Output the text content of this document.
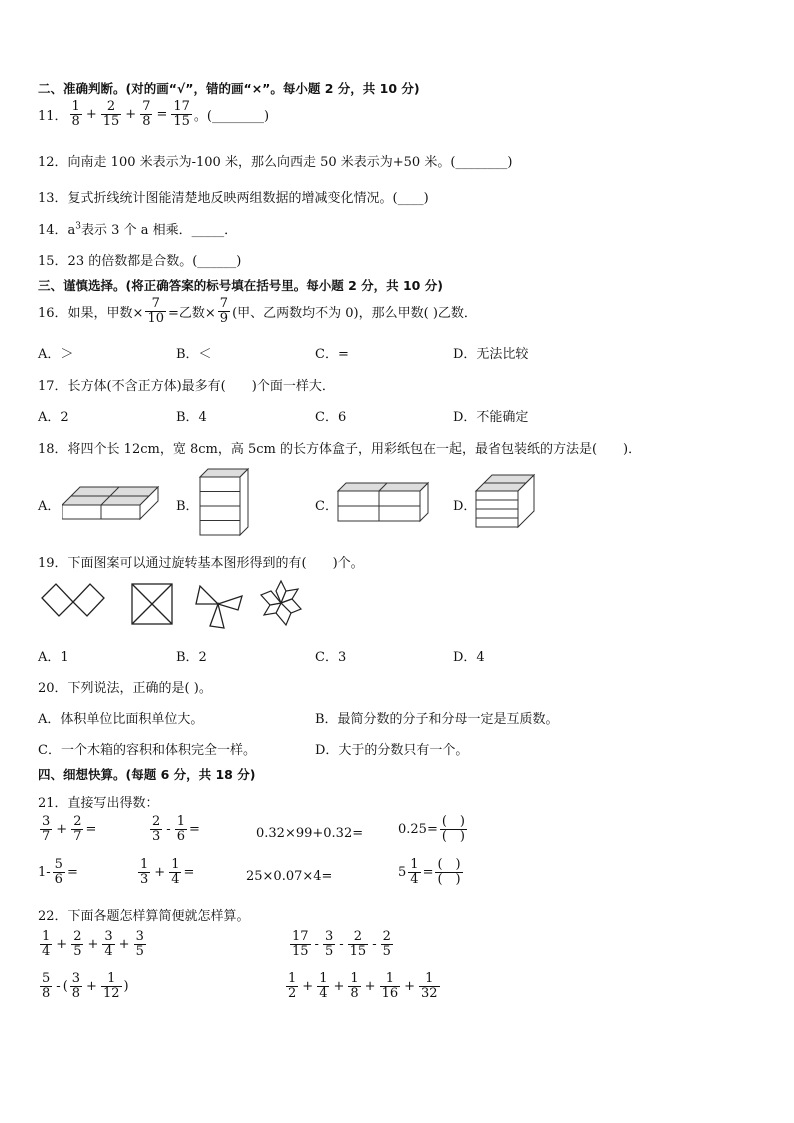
二、准确判断。(对的画“√”，错的画“×”。每小题 2 分，共 10 分)
11． $\frac{1}{8} + \frac{2}{15} + \frac{7}{8} = \frac{17}{15}$ 。(________)
12．向南走 100 米表示为-100 米，那么向西走 50 米表示为+50 米。(________)
13．复式折线统计图能清楚地反映两组数据的增减变化情况。(____)
14．$a^3$表示 3 个 a 相乘．_____．
15．23 的倍数都是合数。(______)
三、谨慎选择。(将正确答案的标号填在括号里。每小题 2 分，共 10 分)
16．如果，甲数× $\frac{7}{10}$ =乙数× $\frac{7}{9}$ (甲、乙两数均不为 0)，那么甲数( )乙数．
A．＞	B．＜	C．=	D．无法比较
17．长方体(不含正方体)最多有(　　)个面一样大．
A．2	B．4	C．6	D．不能确定
18．将四个长 12cm，宽 8cm，高 5cm 的长方体盒子，用彩纸包在一起，最省包装纸的方法是(　　)．
A．	B．	C．	D．
19．下面图案可以通过旋转基本图形得到的有(　　)个。
A．1	B．2	C．3	D．4
20．下列说法，正确的是( )。
A．体积单位比面积单位大。	B．最简分数的分子和分母一定是互质数。
C．一个木箱的容积和体积完全一样。	D．大于的分数只有一个。
四、细想快算。(每题 6 分，共 18 分)
21．直接写出得数：
$\frac{3}{7} + \frac{2}{7}$ =	$\frac{2}{3} - \frac{1}{6}$ =	0.32×99+0.32=	$0.25= \frac{( )}{( )}$
$1- \frac{5}{6}$ =	$\frac{1}{3} + \frac{1}{4}$ =	25×0.07×4=	$5 \frac{1}{4} = \frac{( )}{( )}$
22．下面各题怎样算简便就怎样算。
$\frac{1}{4} + \frac{2}{5} + \frac{3}{4} + \frac{3}{5}$	$\frac{17}{15} - \frac{3}{5} - \frac{2}{15} - \frac{2}{5}$
$\frac{5}{8}$ - ( $\frac{3}{8} + \frac{1}{12}$ )	$\frac{1}{2} + \frac{1}{4} + \frac{1}{8} + \frac{1}{16} + \frac{1}{32}$
